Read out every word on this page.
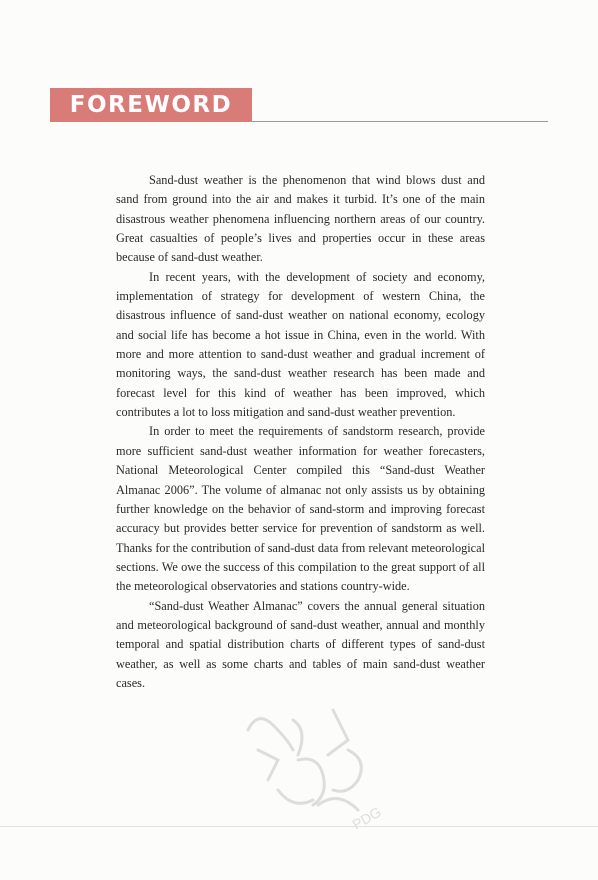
FOREWORD

Sand-dust weather is the phenomenon that wind blows dust and sand from ground into the air and makes it turbid. It’s one of the main disastrous weather phenomena influencing northern areas of our country. Great casualties of people’s lives and properties occur in these areas because of sand-dust weather.

In recent years, with the development of society and economy, implementation of strategy for development of western China, the disastrous influence of sand-dust weather on national economy, ecology and social life has become a hot issue in China, even in the world. With more and more attention to sand-dust weather and gradual increment of monitoring ways, the sand-dust weather research has been made and forecast level for this kind of weather has been improved, which contributes a lot to loss mitigation and sand-dust weather prevention.

In order to meet the requirements of sandstorm research, provide more sufficient sand-dust weather information for weather forecasters, National Meteorological Center compiled this “Sand-dust Weather Almanac 2006”. The volume of almanac not only assists us by obtaining further knowledge on the behavior of sand-storm and improving forecast accuracy but provides better service for prevention of sandstorm as well. Thanks for the contribution of sand-dust data from relevant meteorological sections. We owe the success of this compilation to the great support of all the meteorological observatories and stations country-wide.

“Sand-dust Weather Almanac” covers the annual general situation and meteorological background of sand-dust weather, annual and monthly temporal and spatial distribution charts of different types of sand-dust weather, as well as some charts and tables of main sand-dust weather cases.

PDG
